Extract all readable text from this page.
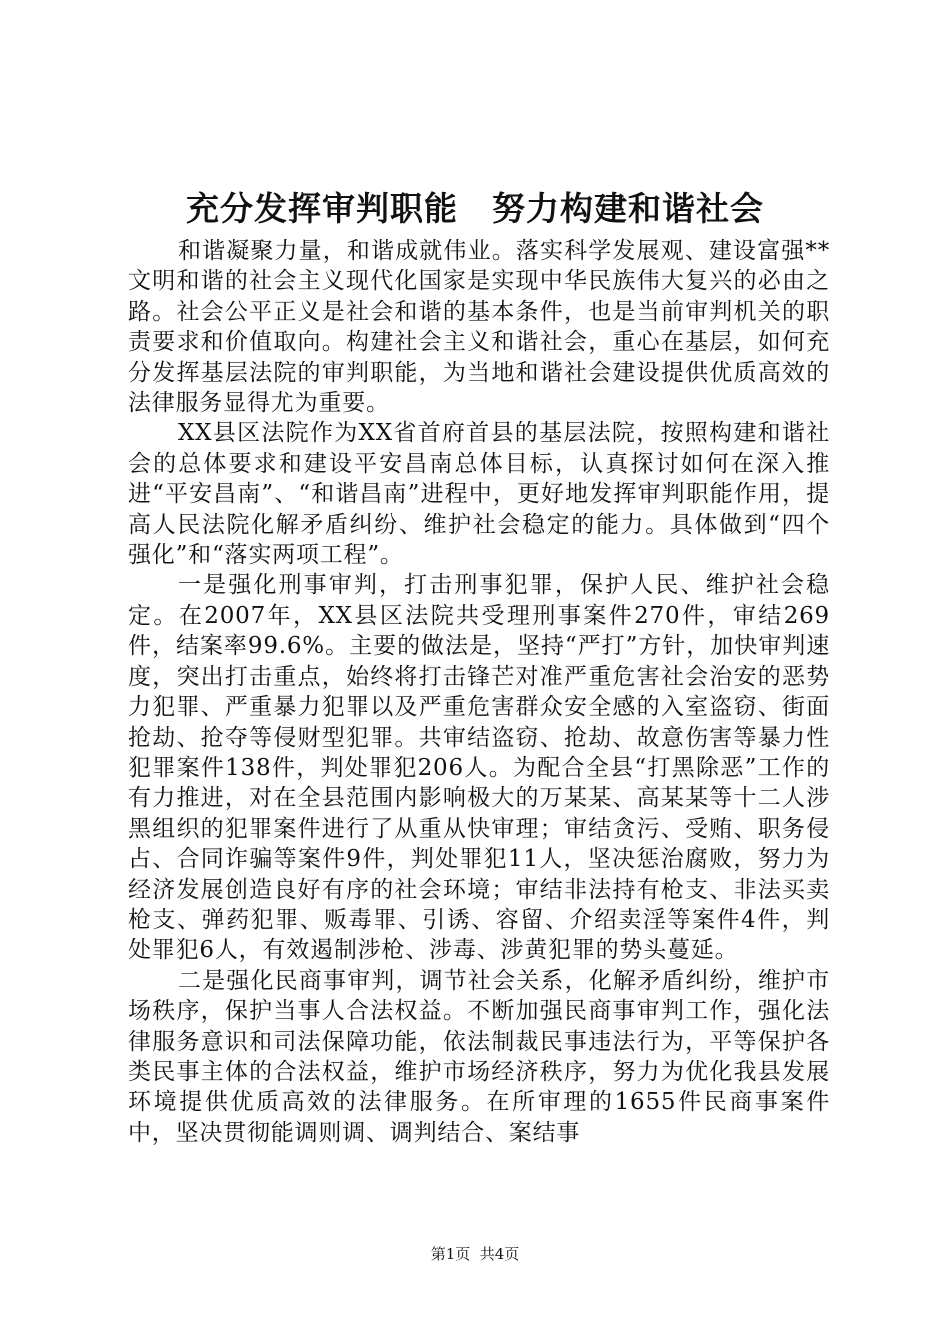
充分发挥审判职能　努力构建和谐社会

和谐凝聚力量，和谐成就伟业。落实科学发展观、建设富强**文明和谐的社会主义现代化国家是实现中华民族伟大复兴的必由之路。社会公平正义是社会和谐的基本条件，也是当前审判机关的职责要求和价值取向。构建社会主义和谐社会，重心在基层，如何充分发挥基层法院的审判职能，为当地和谐社会建设提供优质高效的法律服务显得尤为重要。

XX县区法院作为XX省首府首县的基层法院，按照构建和谐社会的总体要求和建设平安昌南总体目标，认真探讨如何在深入推进“平安昌南”、“和谐昌南”进程中，更好地发挥审判职能作用，提高人民法院化解矛盾纠纷、维护社会稳定的能力。具体做到“四个强化”和“落实两项工程”。

一是强化刑事审判，打击刑事犯罪，保护人民、维护社会稳定。在2007年，XX县区法院共受理刑事案件270件，审结269件，结案率99.6%。主要的做法是，坚持“严打”方针，加快审判速度，突出打击重点，始终将打击锋芒对准严重危害社会治安的恶势力犯罪、严重暴力犯罪以及严重危害群众安全感的入室盗窃、街面抢劫、抢夺等侵财型犯罪。共审结盗窃、抢劫、故意伤害等暴力性犯罪案件138件，判处罪犯206人。为配合全县“打黑除恶”工作的有力推进，对在全县范围内影响极大的万某某、高某某等十二人涉黑组织的犯罪案件进行了从重从快审理；审结贪污、受贿、职务侵占、合同诈骗等案件9件，判处罪犯11人，坚决惩治腐败，努力为经济发展创造良好有序的社会环境；审结非法持有枪支、非法买卖枪支、弹药犯罪、贩毒罪、引诱、容留、介绍卖淫等案件4件，判处罪犯6人，有效遏制涉枪、涉毒、涉黄犯罪的势头蔓延。

二是强化民商事审判，调节社会关系，化解矛盾纠纷，维护市场秩序，保护当事人合法权益。不断加强民商事审判工作，强化法律服务意识和司法保障功能，依法制裁民事违法行为，平等保护各类民事主体的合法权益，维护市场经济秩序，努力为优化我县发展环境提供优质高效的法律服务。在所审理的1655件民商事案件中，坚决贯彻能调则调、调判结合、案结事

第1页  共4页
